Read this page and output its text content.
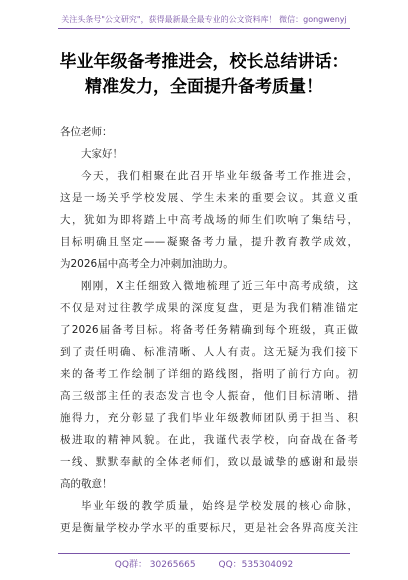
关注头条号"公文研究"，获得最新最全最专业的公文资料库！ 微信：gongwenyj
毕业年级备考推进会，校长总结讲话：
精准发力，全面提升备考质量！
各位老师：
大家好！
今天，我们相聚在此召开毕业年级备考工作推进会，
这是一场关乎学校发展、学生未来的重要会议。其意义重
大，犹如为即将踏上中高考战场的师生们吹响了集结号，
目标明确且坚定——凝聚备考力量，提升教育教学成效，
为2026届中高考全力冲刺加油助力。
刚刚，X主任细致入微地梳理了近三年中高考成绩，这
不仅是对过往教学成果的深度复盘，更是为我们精准锚定
了2026届备考目标。将备考任务精确到每个班级，真正做
到了责任明确、标准清晰、人人有责。这无疑为我们接下
来的备考工作绘制了详细的路线图，指明了前行方向。初
高三级部主任的表态发言也令人振奋，他们目标清晰、措
施得力，充分彰显了我们毕业年级教师团队勇于担当、积
极进取的精神风貌。在此，我谨代表学校，向奋战在备考
一线、默默奉献的全体老师们，致以最诚挚的感谢和最崇
高的敬意！
毕业年级的教学质量，始终是学校发展的核心命脉，
更是衡量学校办学水平的重要标尺，更是社会各界高度关注
QQ群： 30265665	QQ：535304092
